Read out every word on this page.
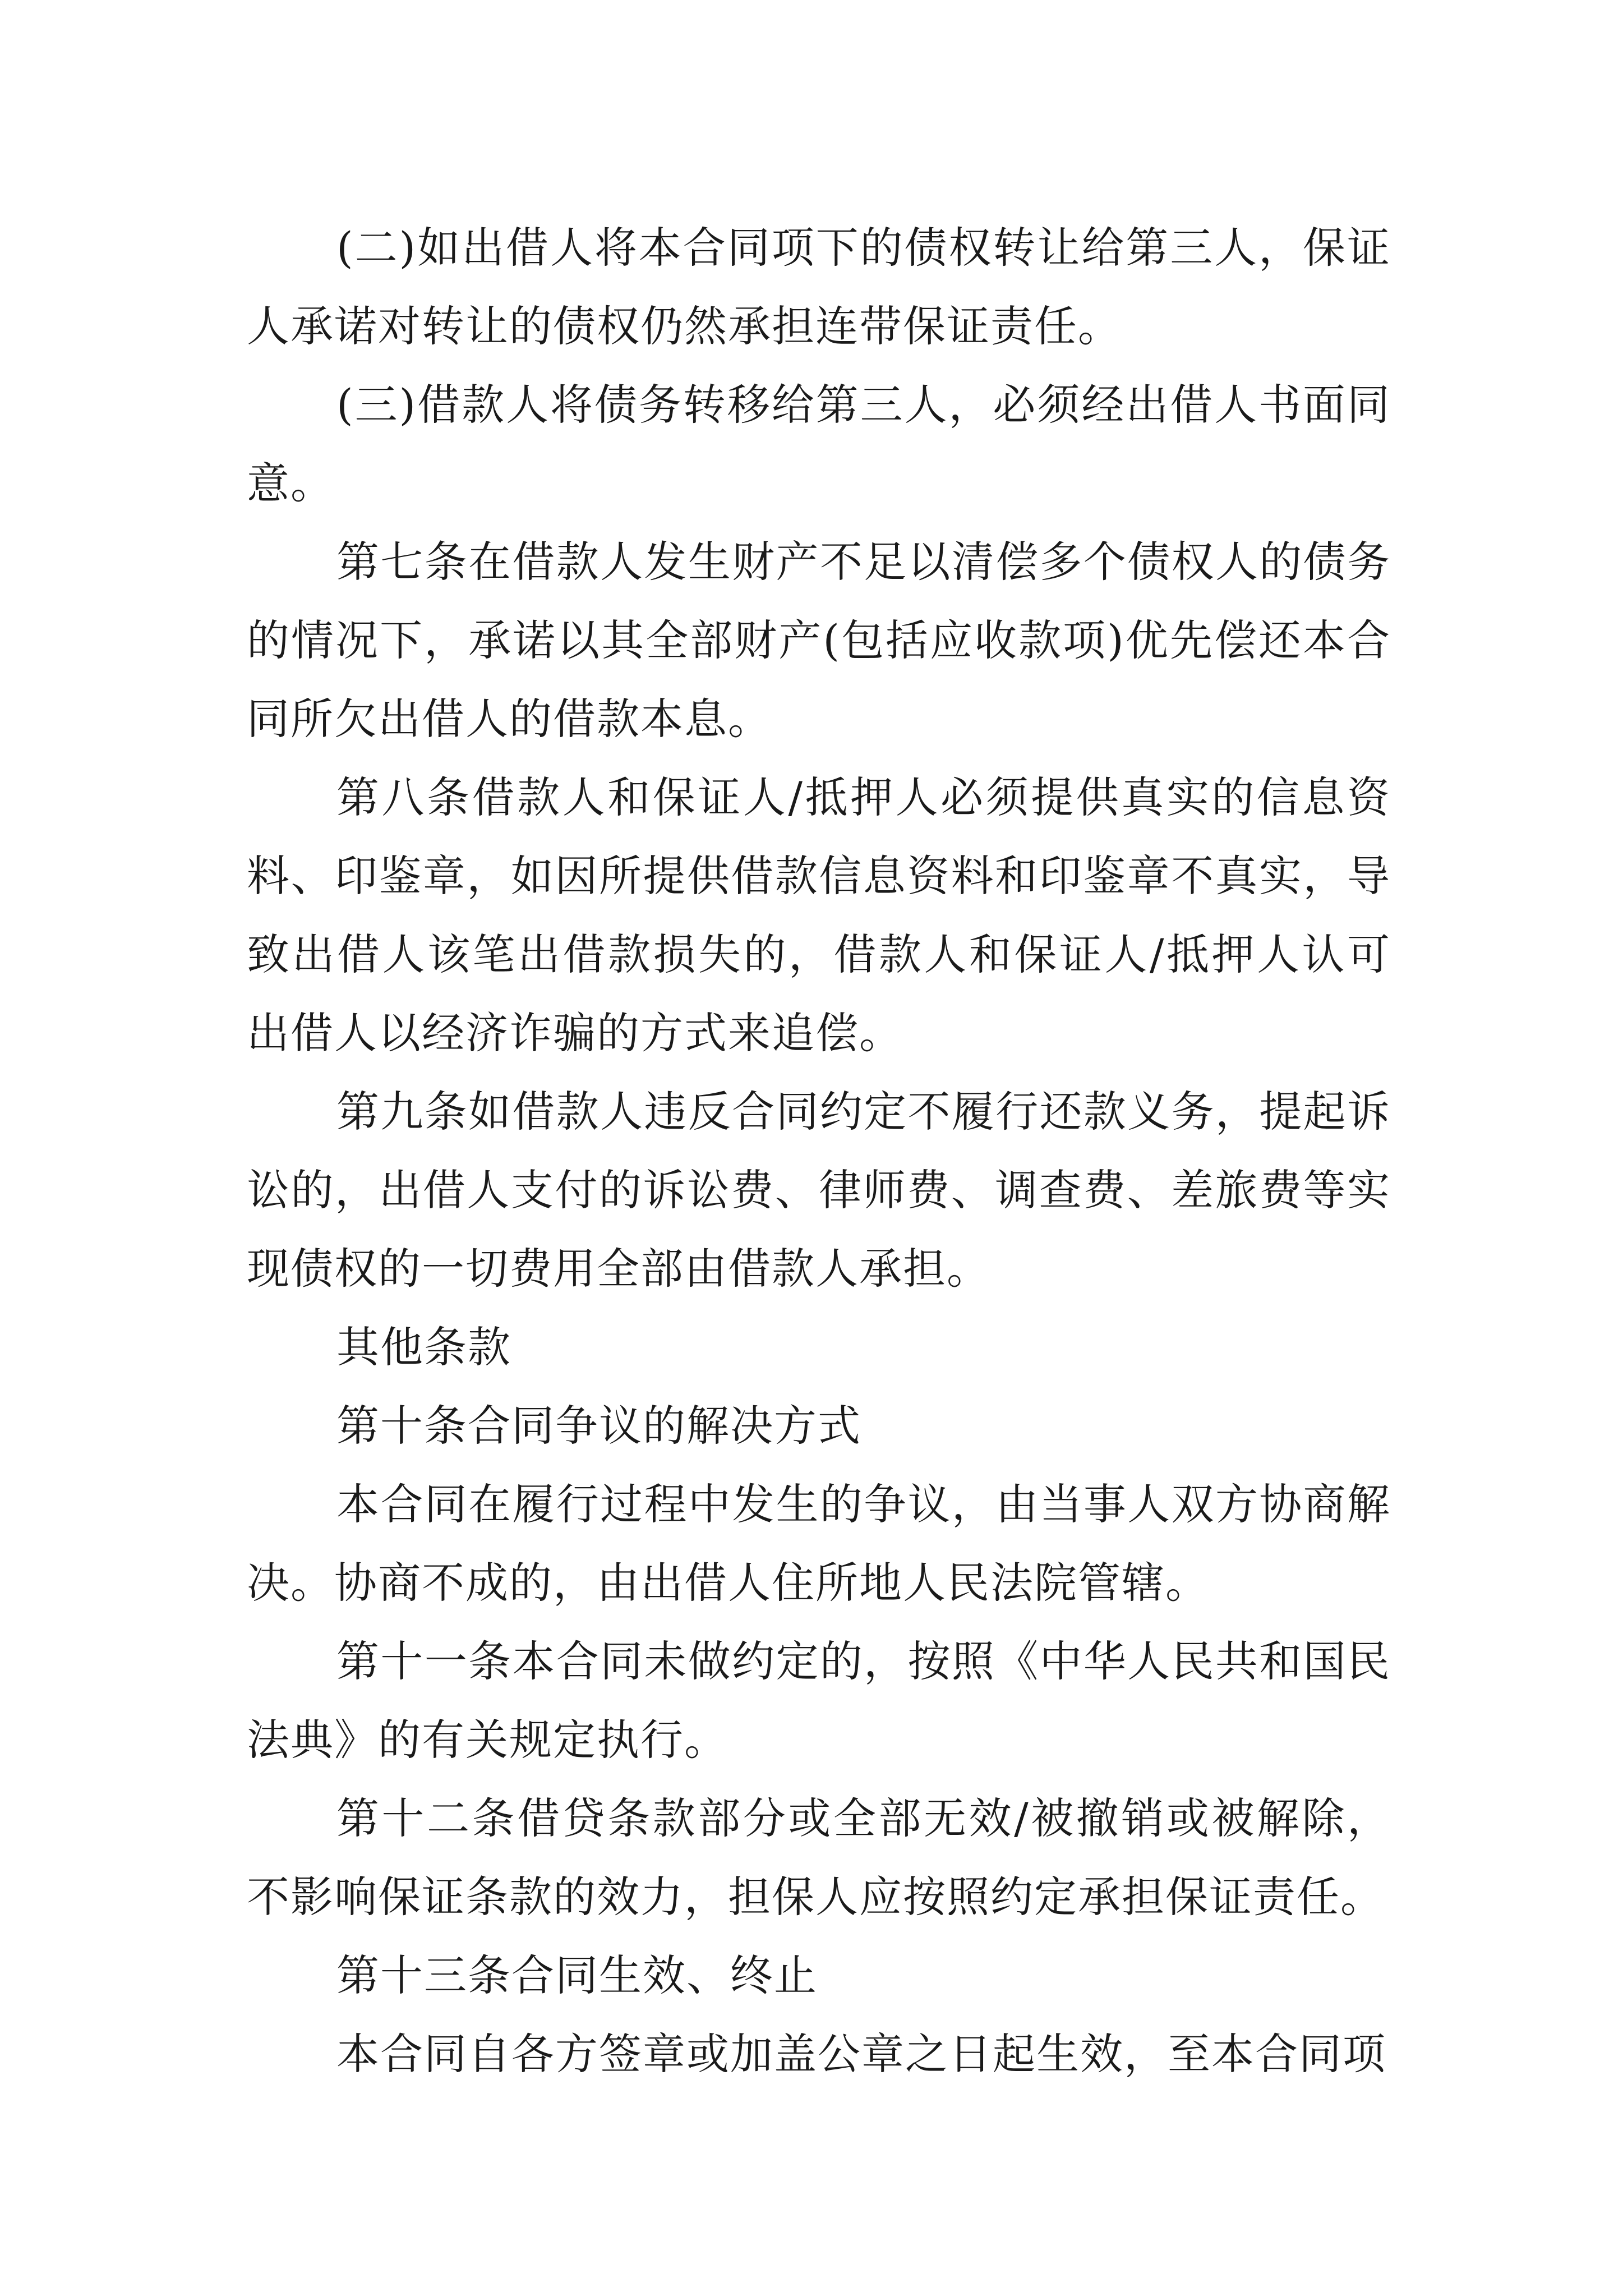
(二)如出借人将本合同项下的债权转让给第三人，保证人承诺对转让的债权仍然承担连带保证责任。

(三)借款人将债务转移给第三人，必须经出借人书面同意。

第七条在借款人发生财产不足以清偿多个债权人的债务的情况下，承诺以其全部财产(包括应收款项)优先偿还本合同所欠出借人的借款本息。

第八条借款人和保证人/抵押人必须提供真实的信息资料、印鉴章，如因所提供借款信息资料和印鉴章不真实，导致出借人该笔出借款损失的，借款人和保证人/抵押人认可出借人以经济诈骗的方式来追偿。

第九条如借款人违反合同约定不履行还款义务，提起诉讼的，出借人支付的诉讼费、律师费、调查费、差旅费等实现债权的一切费用全部由借款人承担。

其他条款

第十条合同争议的解决方式

本合同在履行过程中发生的争议，由当事人双方协商解决。协商不成的，由出借人住所地人民法院管辖。

第十一条本合同未做约定的，按照《中华人民共和国民法典》的有关规定执行。

第十二条借贷条款部分或全部无效/被撤销或被解除，不影响保证条款的效力，担保人应按照约定承担保证责任。

第十三条合同生效、终止

本合同自各方签章或加盖公章之日起生效，至本合同项
